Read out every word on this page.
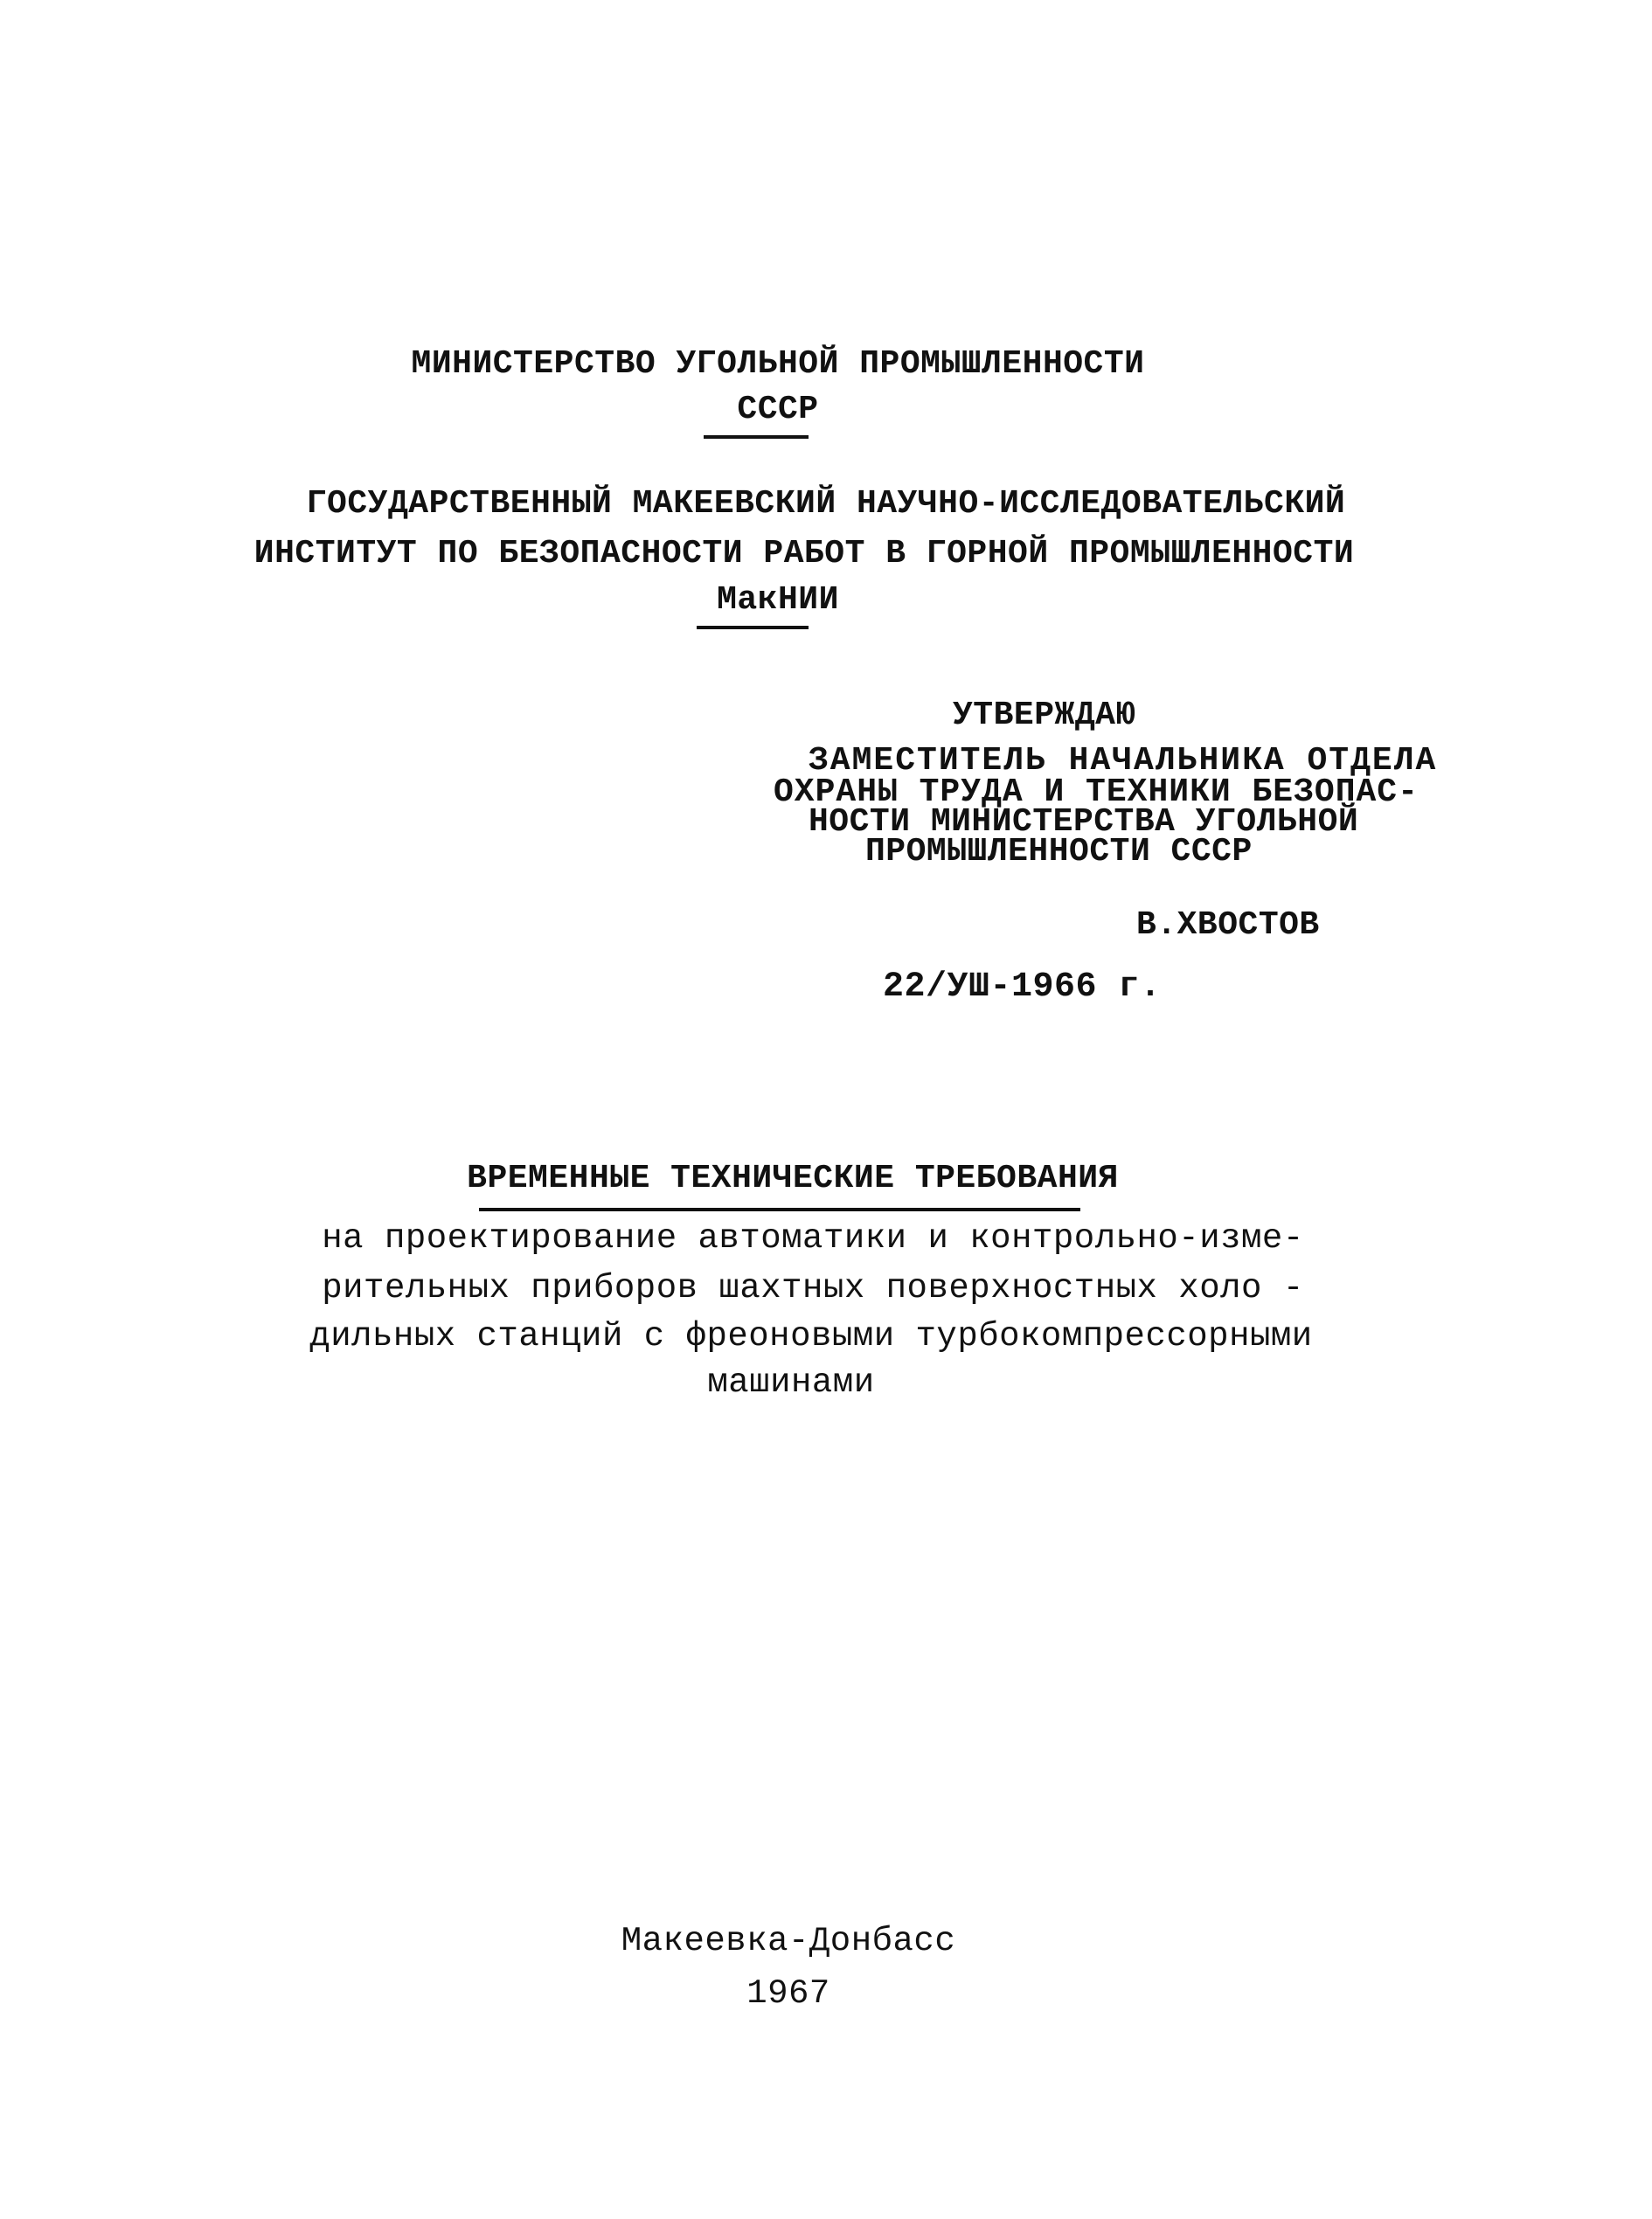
МИНИСТЕРСТВО УГОЛЬНОЙ ПРОМЫШЛЕННОСТИ
СССР
ГОСУДАРСТВЕННЫЙ МАКЕЕВСКИЙ НАУЧНО-ИССЛЕДОВАТЕЛЬСКИЙ
ИНСТИТУТ ПО БЕЗОПАСНОСТИ РАБОТ В ГОРНОЙ ПРОМЫШЛЕННОСТИ
МакНИИ
УТВЕРЖДАЮ
ЗАМЕСТИТЕЛЬ НАЧАЛЬНИКА ОТДЕЛА
ОХРАНЫ ТРУДА И ТЕХНИКИ БЕЗОПАС-
НОСТИ МИНИСТЕРСТВА УГОЛЬНОЙ
ПРОМЫШЛЕННОСТИ СССР
В.ХВОСТОВ
22/УШ-1966 г.
ВРЕМЕННЫЕ ТЕХНИЧЕСКИЕ ТРЕБОВАНИЯ
на проектирование автоматики и контрольно-изме-
рительных приборов шахтных поверхностных холо -
дильных станций с фреоновыми турбокомпрессорными
машинами
Макеевка-Донбасс
1967
